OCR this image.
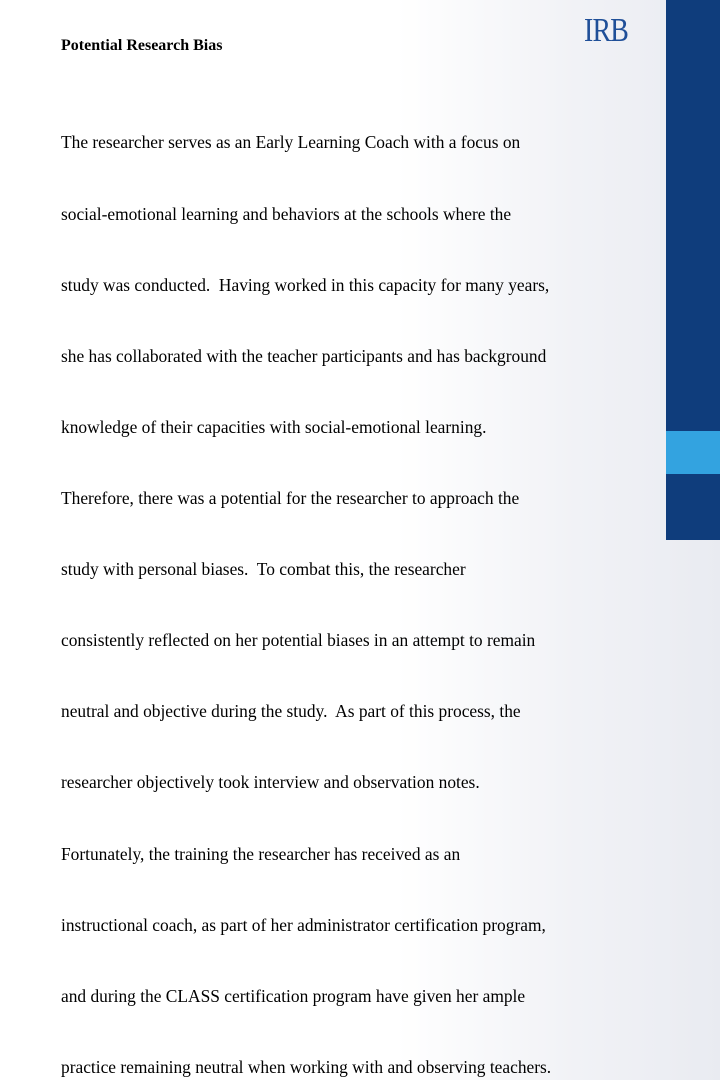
IRB
Potential Research Bias

The researcher serves as an Early Learning Coach with a focus on

social-emotional learning and behaviors at the schools where the

study was conducted.  Having worked in this capacity for many years,

she has collaborated with the teacher participants and has background

knowledge of their capacities with social-emotional learning.

Therefore, there was a potential for the researcher to approach the

study with personal biases.  To combat this, the researcher

consistently reflected on her potential biases in an attempt to remain

neutral and objective during the study.  As part of this process, the

researcher objectively took interview and observation notes.

Fortunately, the training the researcher has received as an

instructional coach, as part of her administrator certification program,

and during the CLASS certification program have given her ample

practice remaining neutral when working with and observing teachers.
